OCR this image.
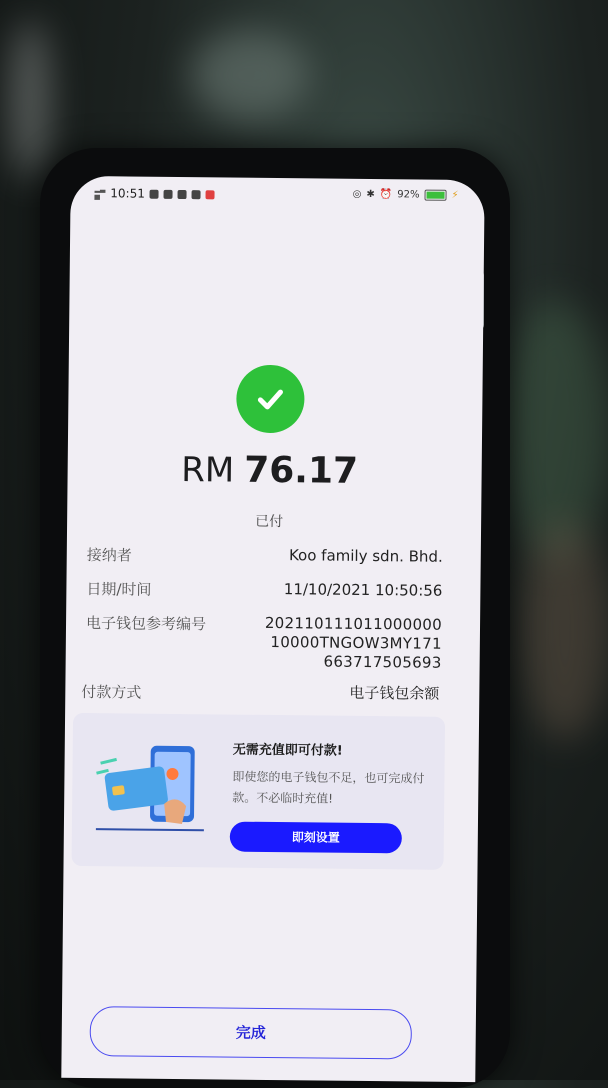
▂▃
▅ 10:51	◎ ✱ ⏰ 92%	⚡
RM 76.17
已付
接纳者	Koo family sdn. Bhd.
日期/时间	11/10/2021 10:50:56
电子钱包参考编号	20211011101100000010000TNGOW3MY171663717505693
付款方式	电子钱包余额
无需充值即可付款!
即使您的电子钱包不足，也可完成付款。不必临时充值!
即刻设置
完成
